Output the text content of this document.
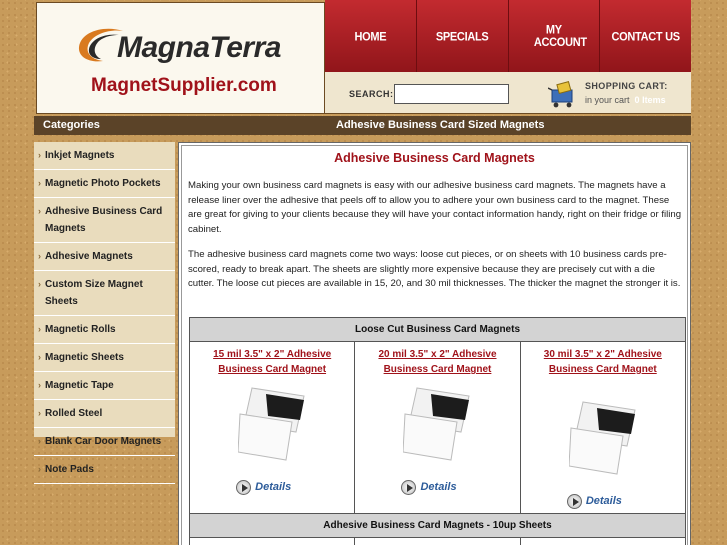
MagnaTerra
MagnetSupplier.com
HOME	SPECIALS	MY ACCOUNT	CONTACT US
SEARCH:
SHOPPING CART:
in your cart 0 Items
Categories	Adhesive Business Card Sized Magnets
› Inkjet Magnets
› Magnetic Photo Pockets
› Adhesive Business Card Magnets
› Adhesive Magnets
› Custom Size Magnet Sheets
› Magnetic Rolls
› Magnetic Sheets
› Magnetic Tape
› Rolled Steel
› Blank Car Door Magnets
› Note Pads
Adhesive Business Card Magnets
Making your own business card magnets is easy with our adhesive business card magnets. The magnets have a release liner over the adhesive that peels off to allow you to adhere your own business card to the magnet. These are great for giving to your clients because they will have your contact information handy, right on their fridge or filing cabinet.
The adhesive business card magnets come two ways: loose cut pieces, or on sheets with 10 business cards pre-scored, ready to break apart. The sheets are slightly more expensive because they are precisely cut with a die cutter. The loose cut pieces are available in 15, 20, and 30 mil thicknesses. The thicker the magnet the stronger it is.
Loose Cut Business Card Magnets
15 mil 3.5" x 2" Adhesive Business Card Magnet
Details
20 mil 3.5" x 2" Adhesive Business Card Magnet
Details
30 mil 3.5" x 2" Adhesive Business Card Magnet
Details
Adhesive Business Card Magnets - 10up Sheets
